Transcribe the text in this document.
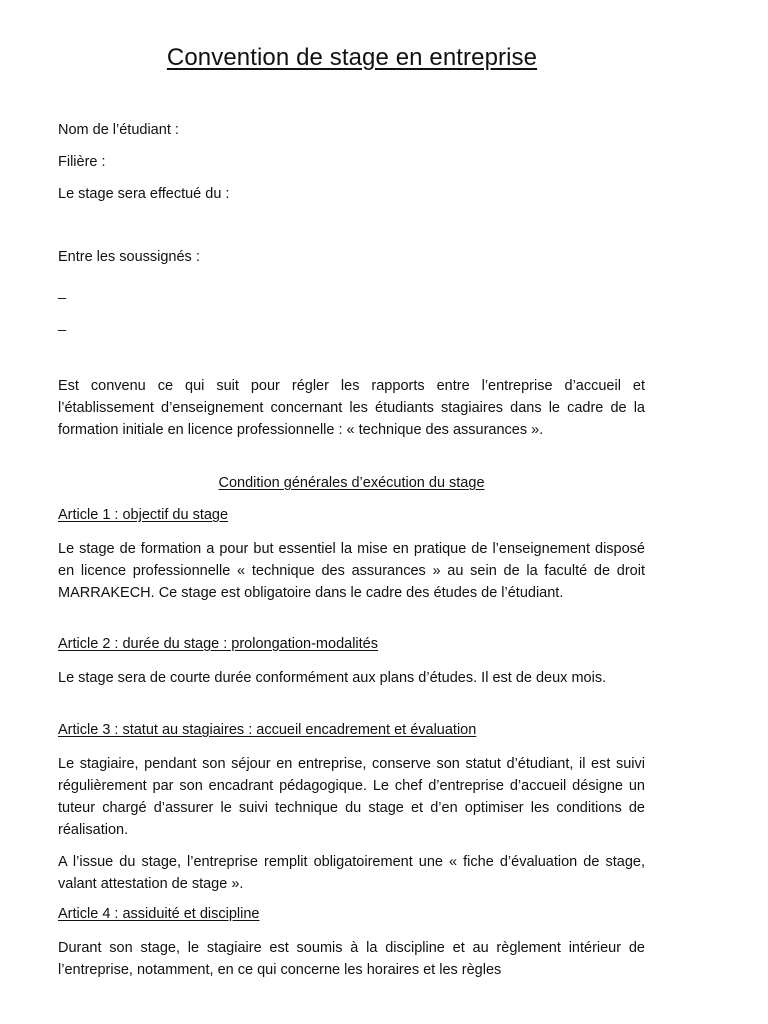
Convention de stage en entreprise
Nom de l’étudiant :
Filière :
Le stage sera effectué du :
Entre les soussignés :
_
_
Est convenu ce qui suit pour régler les rapports entre l’entreprise d’accueil et l’établissement d’enseignement concernant les étudiants stagiaires dans le cadre de la formation initiale en licence professionnelle : « technique des assurances ».
Condition générales d’exécution du stage
Article 1 : objectif du stage
Le stage de formation a pour but essentiel la mise en pratique de l’enseignement disposé en licence professionnelle « technique des assurances » au sein de la faculté de droit MARRAKECH. Ce stage est obligatoire dans le cadre des études de l’étudiant.
Article 2 : durée du stage : prolongation-modalités
Le stage sera de courte durée conformément aux plans d’études. Il est de deux mois.
Article 3 : statut au stagiaires : accueil encadrement et évaluation
Le stagiaire, pendant son séjour en entreprise, conserve son statut d’étudiant, il est suivi régulièrement par son encadrant pédagogique. Le chef d’entreprise d’accueil désigne un tuteur chargé d’assurer le suivi technique du stage et d’en optimiser les conditions de réalisation.
A l’issue du stage, l’entreprise remplit obligatoirement une « fiche d’évaluation de stage, valant attestation de stage ».
Article 4 : assiduité et discipline
Durant son stage, le stagiaire est soumis à la discipline et au règlement intérieur de l’entreprise, notamment, en ce qui concerne les horaires et les règles
